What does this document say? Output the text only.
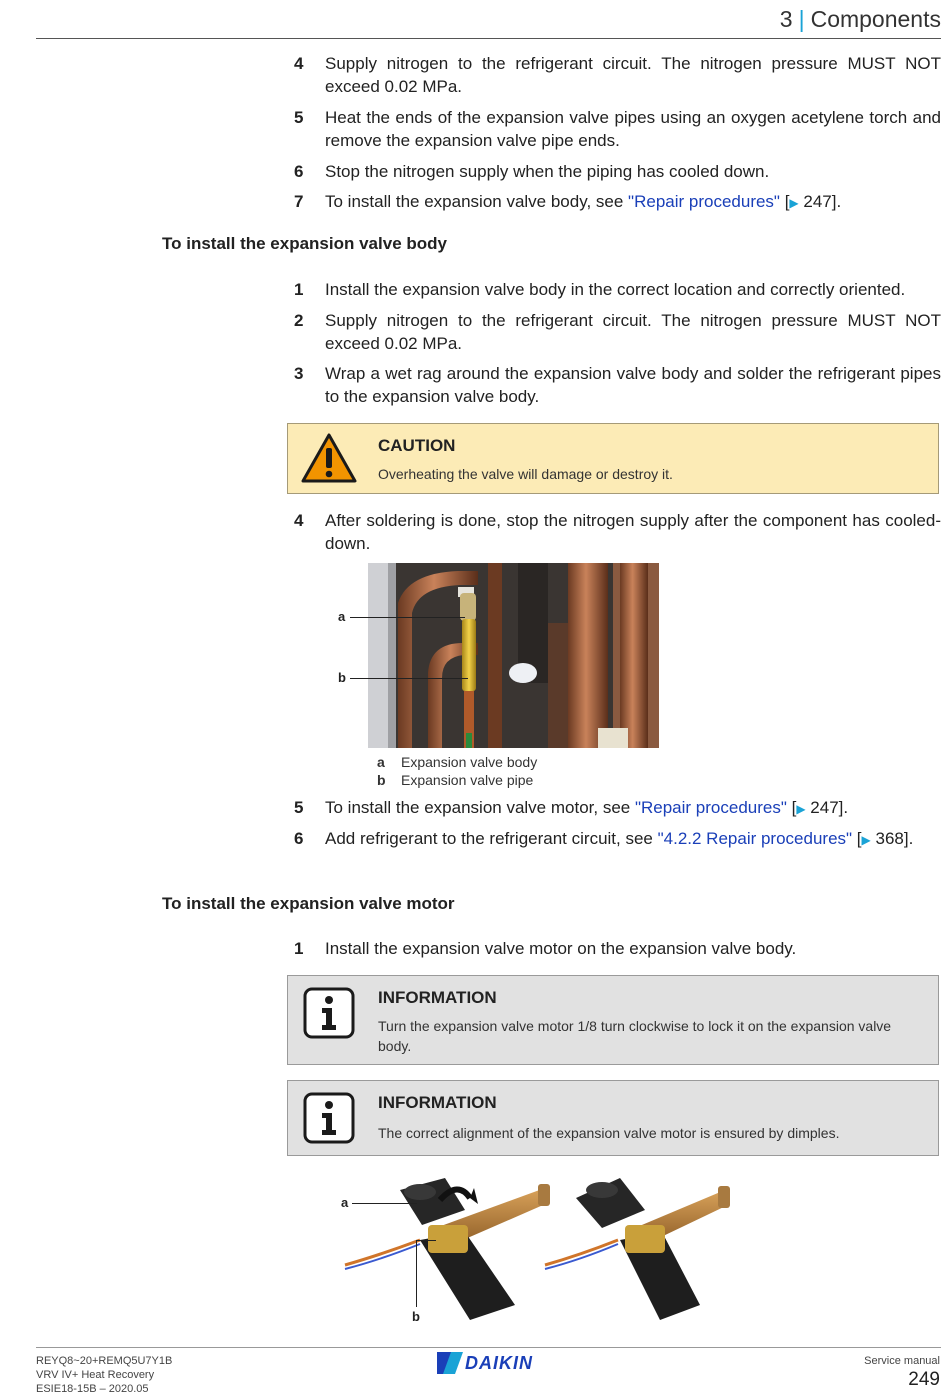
3 | Components
4 Supply nitrogen to the refrigerant circuit. The nitrogen pressure MUST NOT exceed 0.02 MPa.
5 Heat the ends of the expansion valve pipes using an oxygen acetylene torch and remove the expansion valve pipe ends.
6 Stop the nitrogen supply when the piping has cooled down.
7 To install the expansion valve body, see "Repair procedures" [▶ 247].
To install the expansion valve body
1 Install the expansion valve body in the correct location and correctly oriented.
2 Supply nitrogen to the refrigerant circuit. The nitrogen pressure MUST NOT exceed 0.02 MPa.
3 Wrap a wet rag around the expansion valve body and solder the refrigerant pipes to the expansion valve body.
CAUTION
Overheating the valve will damage or destroy it.
4 After soldering is done, stop the nitrogen supply after the component has cooled-down.
a
b
a Expansion valve body
b Expansion valve pipe
5 To install the expansion valve motor, see "Repair procedures" [▶ 247].
6 Add refrigerant to the refrigerant circuit, see "4.2.2 Repair procedures" [▶ 368].
To install the expansion valve motor
1 Install the expansion valve motor on the expansion valve body.
INFORMATION
Turn the expansion valve motor 1/8 turn clockwise to lock it on the expansion valve body.
INFORMATION
The correct alignment of the expansion valve motor is ensured by dimples.
a
b
REYQ8~20+REMQ5U7Y1B
VRV IV+ Heat Recovery
ESIE18-15B – 2020.05
DAIKIN	Service manual
249
